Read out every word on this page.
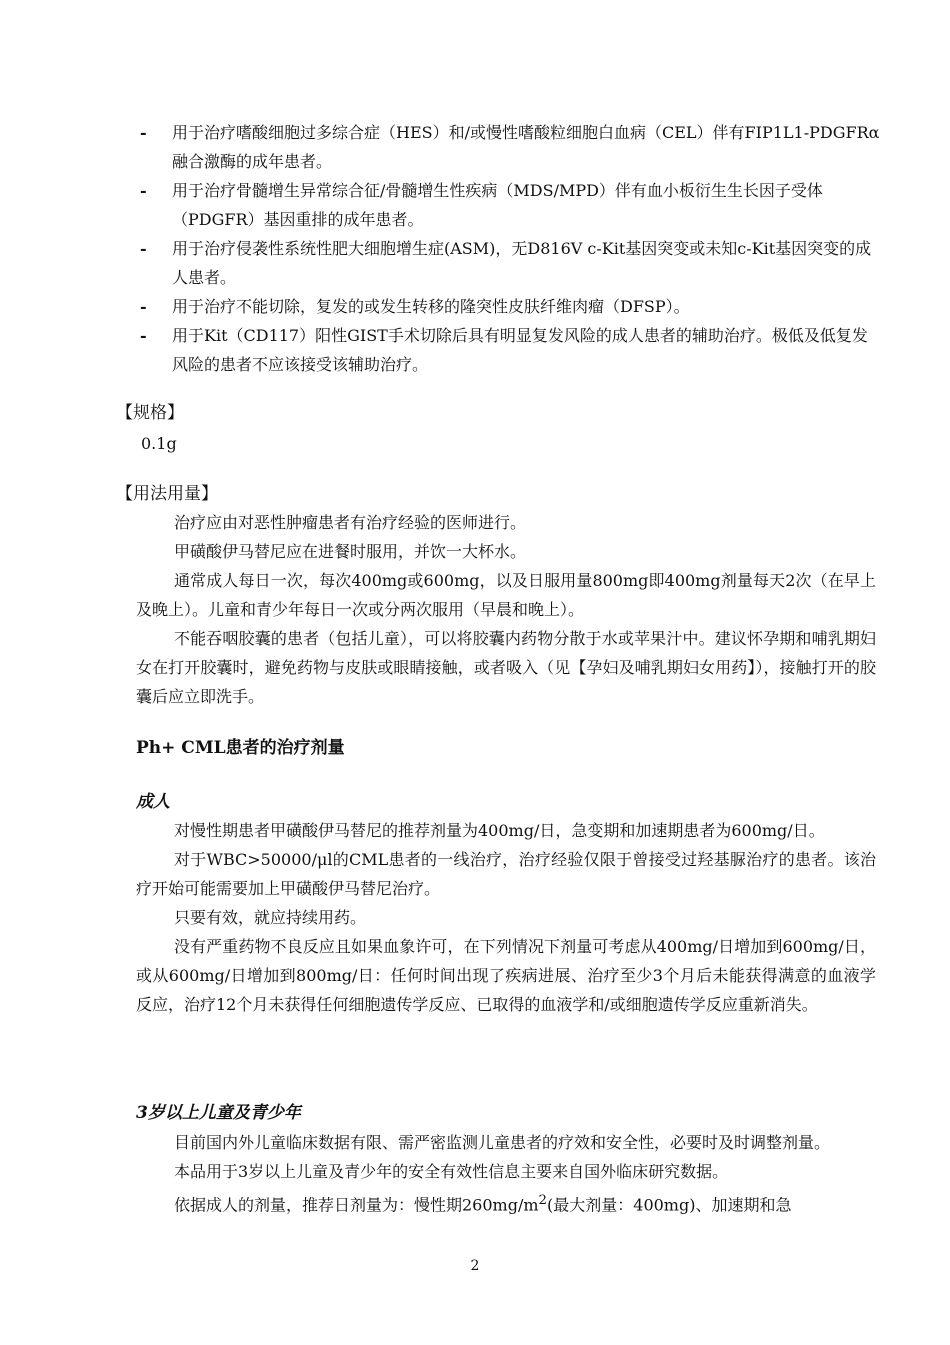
- 用于治疗嗜酸细胞过多综合症（HES）和/或慢性嗜酸粒细胞白血病（CEL）伴有FIP1L1-PDGFRα融合激酶的成年患者。
- 用于治疗骨髓增生异常综合征/骨髓增生性疾病（MDS/MPD）伴有血小板衍生生长因子受体（PDGFR）基因重排的成年患者。
- 用于治疗侵袭性系统性肥大细胞增生症(ASM)，无D816V c-Kit基因突变或未知c-Kit基因突变的成人患者。
- 用于治疗不能切除，复发的或发生转移的隆突性皮肤纤维肉瘤（DFSP）。
- 用于Kit（CD117）阳性GIST手术切除后具有明显复发风险的成人患者的辅助治疗。极低及低复发风险的患者不应该接受该辅助治疗。
【规格】
0.1g
【用法用量】

治疗应由对恶性肿瘤患者有治疗经验的医师进行。

甲磺酸伊马替尼应在进餐时服用，并饮一大杯水。

通常成人每日一次，每次400mg或600mg，以及日服用量800mg即400mg剂量每天2次（在早上及晚上）。儿童和青少年每日一次或分两次服用（早晨和晚上）。

不能吞咽胶囊的患者（包括儿童），可以将胶囊内药物分散于水或苹果汁中。建议怀孕期和哺乳期妇女在打开胶囊时，避免药物与皮肤或眼睛接触，或者吸入（见【孕妇及哺乳期妇女用药】），接触打开的胶囊后应立即洗手。

Ph+ CML患者的治疗剂量
成人

对慢性期患者甲磺酸伊马替尼的推荐剂量为400mg/日，急变期和加速期患者为600mg/日。

对于WBC>50000/μl的CML患者的一线治疗，治疗经验仅限于曾接受过羟基脲治疗的患者。该治疗开始可能需要加上甲磺酸伊马替尼治疗。

只要有效，就应持续用药。

没有严重药物不良反应且如果血象许可，在下列情况下剂量可考虑从400mg/日增加到600mg/日，或从600mg/日增加到800mg/日：任何时间出现了疾病进展、治疗至少3个月后未能获得满意的血液学反应，治疗12个月未获得任何细胞遗传学反应、已取得的血液学和/或细胞遗传学反应重新消失。

3岁以上儿童及青少年

目前国内外儿童临床数据有限、需严密监测儿童患者的疗效和安全性，必要时及时调整剂量。

本品用于3岁以上儿童及青少年的安全有效性信息主要来自国外临床研究数据。

依据成人的剂量，推荐日剂量为：慢性期$260mg/m^2$(最大剂量：400mg)、加速期和急

2
